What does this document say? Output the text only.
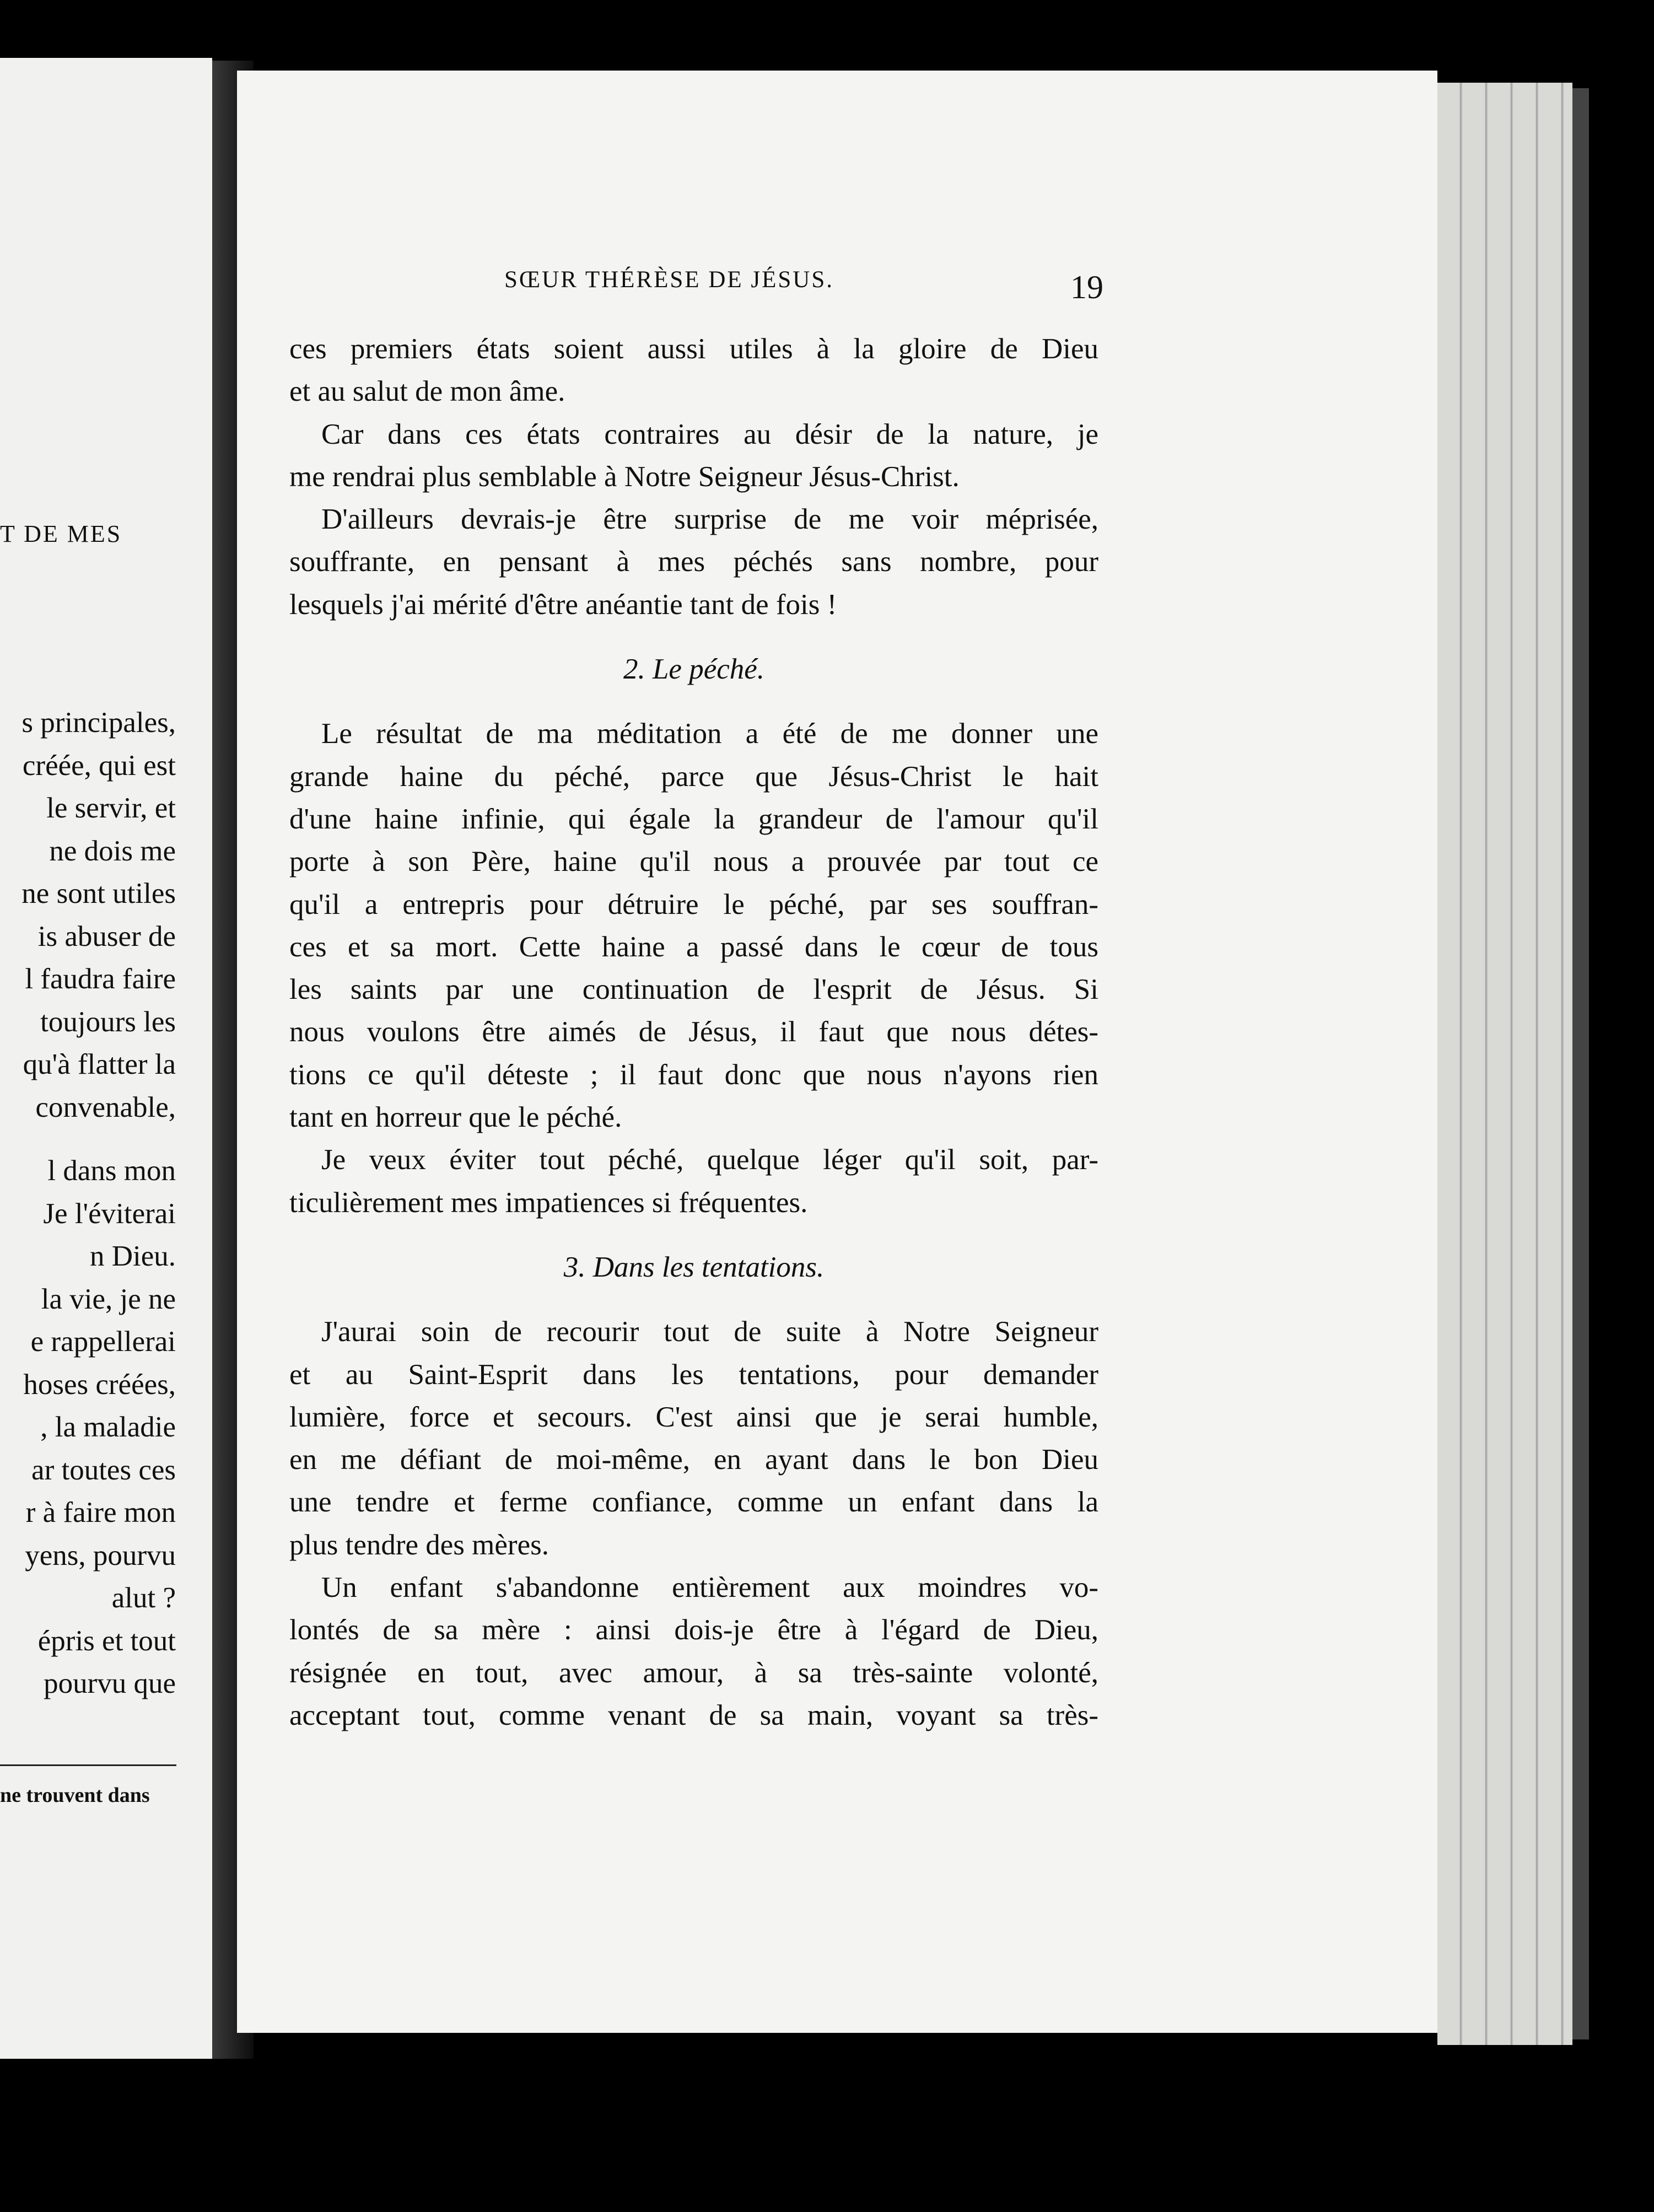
T DE MES
s principales,
créée, qui est
le servir, et
ne dois me
ne sont utiles
is abuser de
l faudra faire
toujours les
qu'à flatter la
convenable,
l dans mon
Je l'éviterai
n Dieu.
la vie, je ne
e rappellerai
hoses créées,
, la maladie
ar toutes ces
r à faire mon
yens, pourvu
alut ?
épris et tout
pourvu que
ne trouvent dans
SŒUR THÉRÈSE DE JÉSUS.	19
ces premiers états soient aussi utiles à la gloire de Dieu
et au salut de mon âme.
Car dans ces états contraires au désir de la nature, je
me rendrai plus semblable à Notre Seigneur Jésus-Christ.
D'ailleurs devrais-je être surprise de me voir méprisée,
souffrante, en pensant à mes péchés sans nombre, pour
lesquels j'ai mérité d'être anéantie tant de fois !
2. Le péché.
Le résultat de ma méditation a été de me donner une
grande haine du péché, parce que Jésus-Christ le hait
d'une haine infinie, qui égale la grandeur de l'amour qu'il
porte à son Père, haine qu'il nous a prouvée par tout ce
qu'il a entrepris pour détruire le péché, par ses souffran-
ces et sa mort. Cette haine a passé dans le cœur de tous
les saints par une continuation de l'esprit de Jésus. Si
nous voulons être aimés de Jésus, il faut que nous détes-
tions ce qu'il déteste ; il faut donc que nous n'ayons rien
tant en horreur que le péché.
Je veux éviter tout péché, quelque léger qu'il soit, par-
ticulièrement mes impatiences si fréquentes.
3. Dans les tentations.
J'aurai soin de recourir tout de suite à Notre Seigneur
et au Saint-Esprit dans les tentations, pour demander
lumière, force et secours. C'est ainsi que je serai humble,
en me défiant de moi-même, en ayant dans le bon Dieu
une tendre et ferme confiance, comme un enfant dans la
plus tendre des mères.
Un enfant s'abandonne entièrement aux moindres vo-
lontés de sa mère : ainsi dois-je être à l'égard de Dieu,
résignée en tout, avec amour, à sa très-sainte volonté,
acceptant tout, comme venant de sa main, voyant sa très-
